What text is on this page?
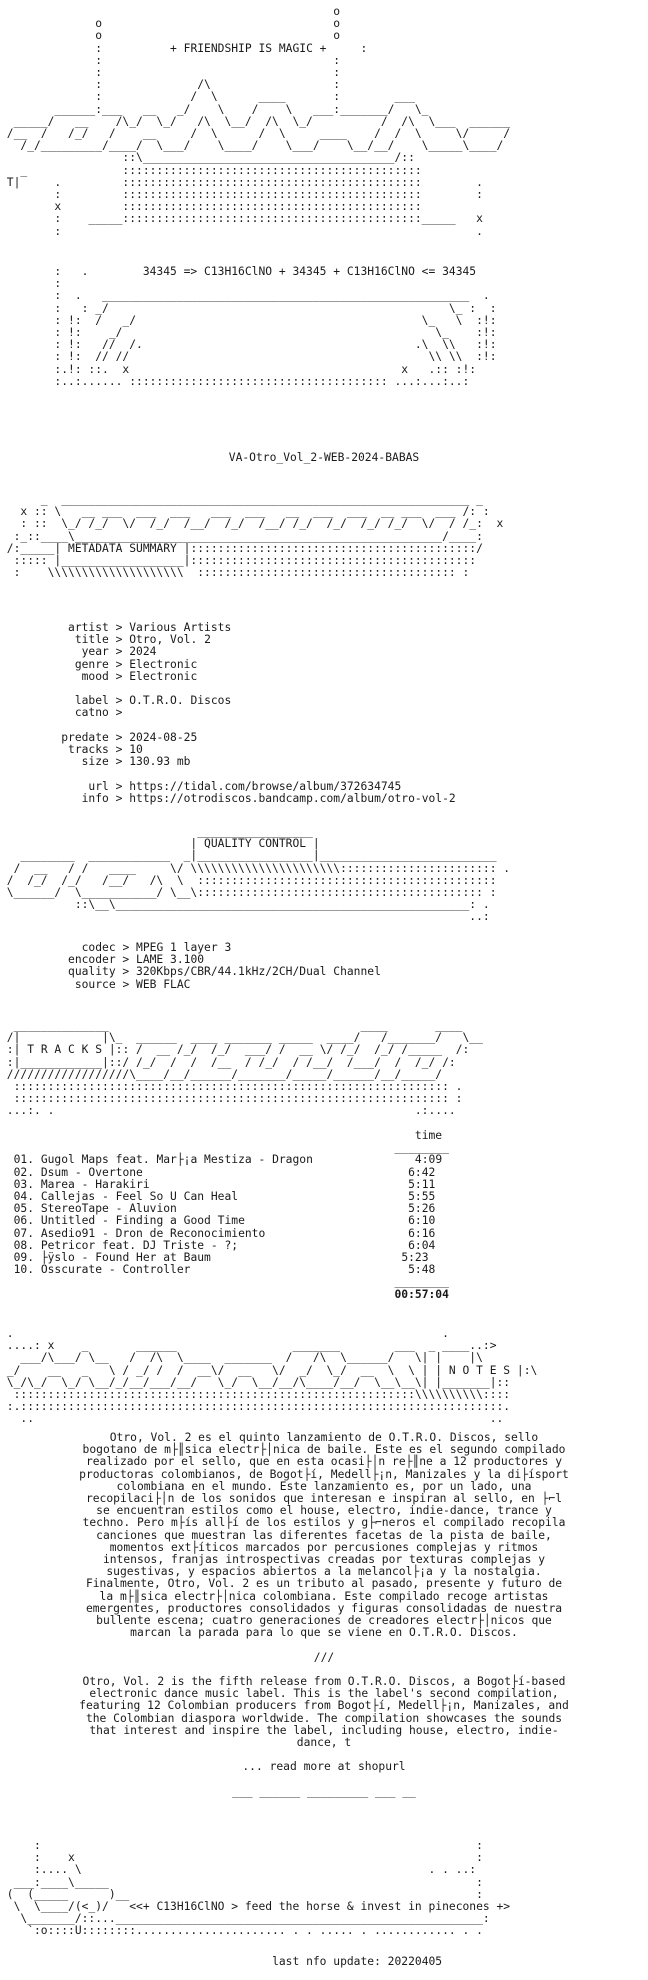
o
o                                  o
o                                  o
:	+ FRIENDSHIP IS MAGIC +	:
:                                  :
:                                  :
:              /\                  :
:             /  \      ____       :        ___
______:___   __   _/    \    /    \   ___:_______/   \_
_____/   __    /\_/  \_/   /\  \__/  /\  \_/          /  /\  \___  ______
/__  /   /_/   /    __     /  \      /  \     ____    /  /  \     \/     /
/_/_________/____/  \___/    \____/    \___/    \__/__/    \_____\____/
::\_____________________________________/::
_              ::::::::::::::::::::::::::::::::::::::::::::
T|     .         ::::::::::::::::::::::::::::::::::::::::::::        .
:         ::::::::::::::::::::::::::::::::::::::::::::        :
x         ::::::::::::::::::::::::::::::::::::::::::::
:    _____::::::::::::::::::::::::::::::::::::::::::::_____   x
:                                                             .
:   .        34345 => C13H16ClNO + 34345 + C13H16ClNO <= 34345
:
:  .   ______________________________________________________  .
:   : _/                                                  \_ :  :
: !:  /   _/                                          \_   \  :!:
: !:    _/                                              \_    :!:
: !:   //  /.                                        .\  \\   :!:
: !:  // //                                            \\ \\  :!:
:.!: ::.  x                                        x   .:: :!:
:..:...... :::::::::::::::::::::::::::::::::::::: ...:...:..:
VA-Otro_Vol_2-WEB-2024-BABAS
_  ____________________________________________________________ _
x :: \   __ ___  ___  ___   ___  ___   __  ___  ___  __ ___  ___ /: :
: ::  \_/ /_/  \/  /_/  /__/  /_/  /__/ /_/  /_/  /_/ /_/  \/  / /_:  x
:_::____\______________________________________________________/____:
/:_____| METADATA SUMMARY |::::::::::::::::::::::::::::::::::::::::::/
::::: |__________________|::::::::::::::::::::::::::::::::::::::::::
:    \\\\\\\\\\\\\\\\\\\\  :::::::::::::::::::::::::::::::::::::: :
artist > Various Artists
title > Otro, Vol. 2
year > 2024
genre > Electronic
mood > Electronic

label > O.T.R.O. Discos
catno >

predate > 2024-08-25
tracks > 10
size > 130.93 mb

url > https://tidal.com/browse/album/372634745
info > https://otrodiscos.bandcamp.com/album/otro-vol-2
_________________
| QUALITY CONTROL |
________  ____________  _|_________________|__________________________
/  __   / /   ____     \/ \\\\\\\\\\\\\\\\\\\\\\::::::::::::::::::::::: .
/  /_/  /_/   /__/   /\  \  ::::::::::::::::::::::::::::::::::::::::::::
\______/  \___________/ \__\:::::::::::::::::::::::::::::::::::::::::: :
::\__\____________________________________________________: .
..:
codec > MPEG 1 layer 3
encoder > LAME 3.100
quality > 320Kbps/CBR/44.1kHz/2CH/Dual Channel
source > WEB FLAC
______________                                     ____       ____
/|            |\_  ______  ____ _______ _____  ____/   /_______/   \__
:| T R A C K S |:: /  __ /_/  /_/  ___/ /  __ \/ /_/  /_/ /_____  /:
:|____________|::/ /_/  /  /  /__  / /_/  / /__/  /___/  /  /_/ /:
//////////////////\____/__/______/_______/_____/______/__/_____/
:::::::::::::::::::::::::::::::::::::::::::::::::::::::::::::::: .
:::::::::::::::::::::::::::::::::::::::::::::::::::::::::::::::: :
...:. .                                                     .:....
time
________
01. Gugol Maps feat. Mar├¡a Mestiza - Dragon	4:09
02. Dsum - Overtone	6:42
03. Marea - Harakiri	5:11
04. Callejas - Feel So U Can Heal	5:55
05. StereoTape - Aluvion	5:26
06. Untitled - Finding a Good Time	6:10
07. Asedio91 - Dron de Reconocimiento	6:16
08. Petricor feat. DJ Triste - ?;	6:04
09. ├ÿslo - Found Her at Baum	5:23
10. Osscurate - Controller	5:48
________
00:57:04
.                                                               .
....: x    _       ______                 _______        ___  _ ____..:>
___/\___/ \__   /  /\  \____  _______  /   /\  \______/   \| |    |\
_/    __   _   \ / _/ /  /  __\/  __   \/  _/  \_/  __  \  \ | | N O T E S |:\
\_/\_/  \_/ \__/_/__/___/__/   \_/  \__/__/\____/__/  \__\__\| |_______|::
:::::::::::::::::::::::::::::::::::::::::::::::::::::::::::\\\\\\\\\\::::
:.:::::::::::::::::::::::::::::::::::::::::::::::::::::::::::::::::::::::.
..                                                                   ..
Otro, Vol. 2 es el quinto lanzamiento de O.T.R.O. Discos, sello
bogotano de m├║sica electr├│nica de baile. Este es el segundo compilado
realizado por el sello, que en esta ocasi├│n re├║ne a 12 productores y
productoras colombianos, de Bogot├í, Medell├¡n, Manizales y la di├ísport
colombiana en el mundo. Este lanzamiento es, por un lado, una
recopilaci├│n de los sonidos que interesan e inspiran al sello, en ├⌐l
se encuentran estilos como el house, electro, indie-dance, trance y
techno. Pero m├ís all├í de los estilos y g├⌐neros el compilado recopila
canciones que muestran las diferentes facetas de la pista de baile,
momentos ext├íticos marcados por percusiones complejas y ritmos
intensos, franjas introspectivas creadas por texturas complejas y
sugestivas, y espacios abiertos a la melancol├¡a y la nostalgia.
Finalmente, Otro, Vol. 2 es un tributo al pasado, presente y futuro de
la m├║sica electr├│nica colombiana. Este compilado recoge artistas
emergentes, productores consolidados y figuras consolidadas de nuestra
bullente escena; cuatro generaciones de creadores electr├│nicos que
marcan la parada para lo que se viene en O.T.R.O. Discos.

///

Otro, Vol. 2 is the fifth release from O.T.R.O. Discos, a Bogot├í-based
electronic dance music label. This is the label's second compilation,
featuring 12 Colombian producers from Bogot├í, Medell├¡n, Manizales, and
the Colombian diaspora worldwide. The compilation showcases the sounds
that interest and inspire the label, including house, electro, indie-
dance, t

... read more at shopurl

___ ______ _________ ___ __
:                                                                :
:    x                                                           :
:.... \                                                   . . ..:
___:____\_____                                                      :
(  (_____      )__                                                   :
\  \____/(<_)/   <<+ C13H16ClNO > feed the horse & invest in pinecones +>
\_______/::...______________________________________________________:
`:o::::U::::::::...................... . . ..... . ............ . .
last nfo update: 20220405
